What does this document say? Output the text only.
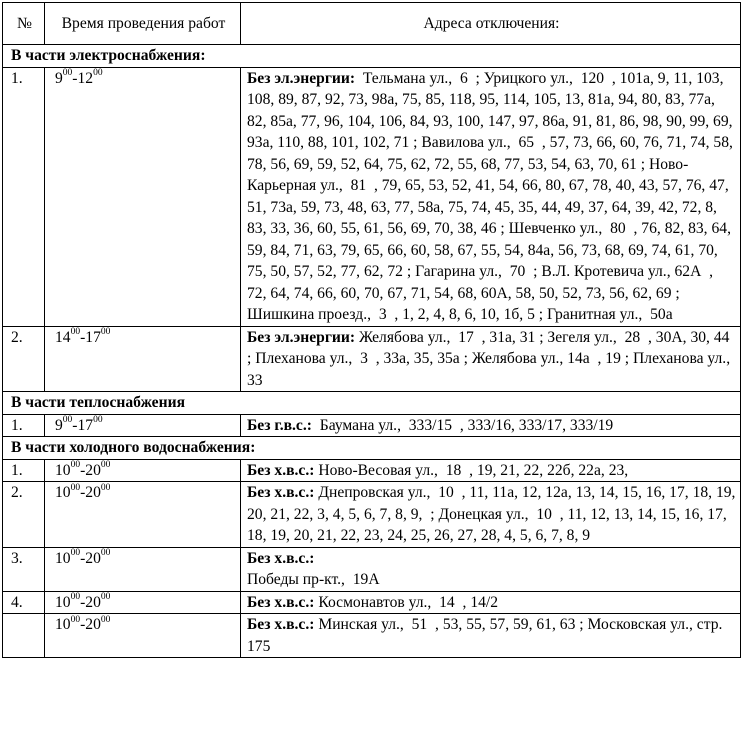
№	Время проведения работ	Адреса отключения:
В части электроснабжения:		
1.	$9^{00}-12^{00}$	Без эл.энергии:  Тельмана ул.,  6  ; Урицкого ул.,  120  , 101а, 9, 11, 103, 108, 89, 87, 92, 73, 98а, 75, 85, 118, 95, 114, 105, 13, 81а, 94, 80, 83, 77а, 82, 85а, 77, 96, 104, 106, 84, 93, 100, 147, 97, 86а, 91, 81, 86, 98, 90, 99, 69, 93а, 110, 88, 101, 102, 71 ; Вавилова ул.,  65  , 57, 73, 66, 60, 76, 71, 74, 58, 78, 56, 69, 59, 52, 64, 75, 62, 72, 55, 68, 77, 53, 54, 63, 70, 61 ; Ново-Карьерная ул.,  81  , 79, 65, 53, 52, 41, 54, 66, 80, 67, 78, 40, 43, 57, 76, 47, 51, 73а, 59, 73, 48, 63, 77, 58а, 75, 74, 45, 35, 44, 49, 37, 64, 39, 42, 72, 8, 83, 33, 36, 60, 55, 61, 56, 69, 70, 38, 46 ; Шевченко ул.,  80  , 76, 82, 83, 64, 59, 84, 71, 63, 79, 65, 66, 60, 58, 67, 55, 54, 84а, 56, 73, 68, 69, 74, 61, 70, 75, 50, 57, 52, 77, 62, 72 ; Гагарина ул.,  70  ; В.Л. Кротевича ул., 62А  , 72, 64, 74, 66, 60, 70, 67, 71, 54, 68, 60А, 58, 50, 52, 73, 56, 62, 69 ; Шишкина проезд.,  3  , 1, 2, 4, 8, 6, 10, 1б, 5 ; Гранитная ул.,  50а
2.	$14^{00}-17^{00}$	Без эл.энергии: Желябова ул.,  17  , 31а, 31 ; Зегеля ул.,  28  , 30А, 30, 44 ; Плеханова ул.,  3  , 33а, 35, 35а ; Желябова ул., 14а  , 19 ; Плеханова ул.,  33
В части теплоснабжения		
1.	$9^{00}-17^{00}$	Без г.в.с.:  Бауманa ул.,  333/15  , 333/16, 333/17, 333/19
В части холодного водоснабжения:		
1.	$10^{00}-20^{00}$	Без х.в.с.: Ново-Весовая ул.,  18  , 19, 21, 22, 22б, 22а, 23,
2.	$10^{00}-20^{00}$	Без х.в.с.: Днепровская ул.,  10  , 11, 11а, 12, 12а, 13, 14, 15, 16, 17, 18, 19, 20, 21, 22, 3, 4, 5, 6, 7, 8, 9,  ; Донецкая ул.,  10  , 11, 12, 13, 14, 15, 16, 17, 18, 19, 20, 21, 22, 23, 24, 25, 26, 27, 28, 4, 5, 6, 7, 8, 9
3.	$10^{00}-20^{00}$	Без х.в.с.:
Победы пр-кт.,  19А
4.	$10^{00}-20^{00}$	Без х.в.с.: Космонавтов ул.,  14  , 14/2
	$10^{00}-20^{00}$	Без х.в.с.: Минская ул.,  51  , 53, 55, 57, 59, 61, 63 ; Московская ул., стр.    175
